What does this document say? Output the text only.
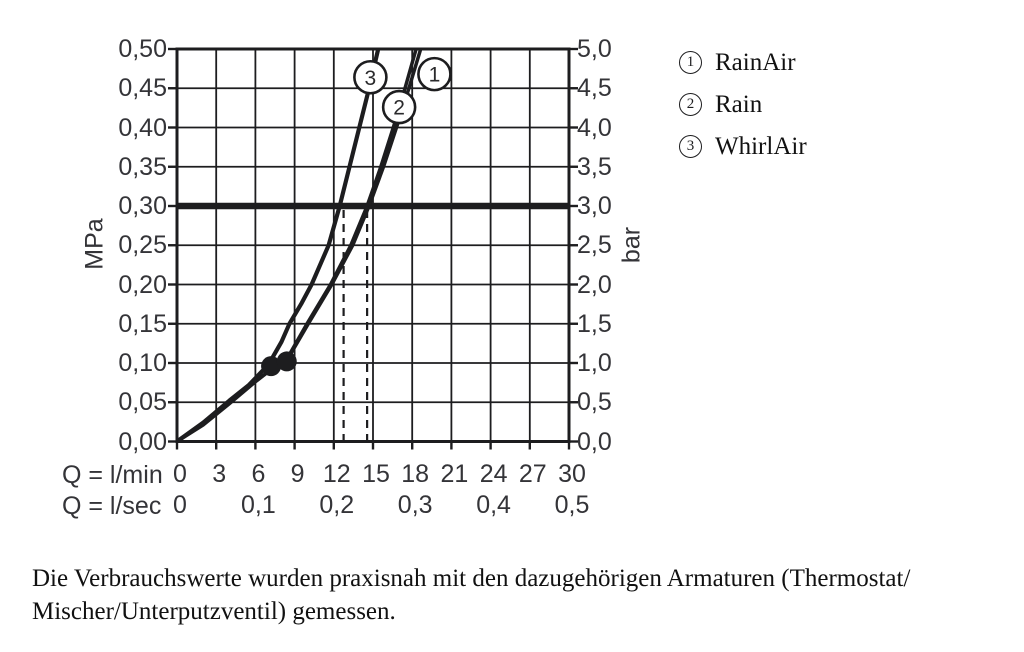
3
2
1
0,50
0,45
0,40
0,35
0,30
0,25
0,20
0,15
0,10
0,05
0,00
5,0
4,5
4,0
3,5
3,0
2,5
2,0
1,5
1,0
0,5
0,0
0	3	6	9 12 15 18 21 24 27 30
0	0,1 0,2 0,3 0,4 0,5
MPa	bar
Q = l/min
Q = l/sec
1 RainAir
2 Rain
3 WhirlAir
Die Verbrauchswerte wurden praxisnah mit den dazugehörigen Armaturen (Thermostat/
Mischer/Unterputzventil) gemessen.
